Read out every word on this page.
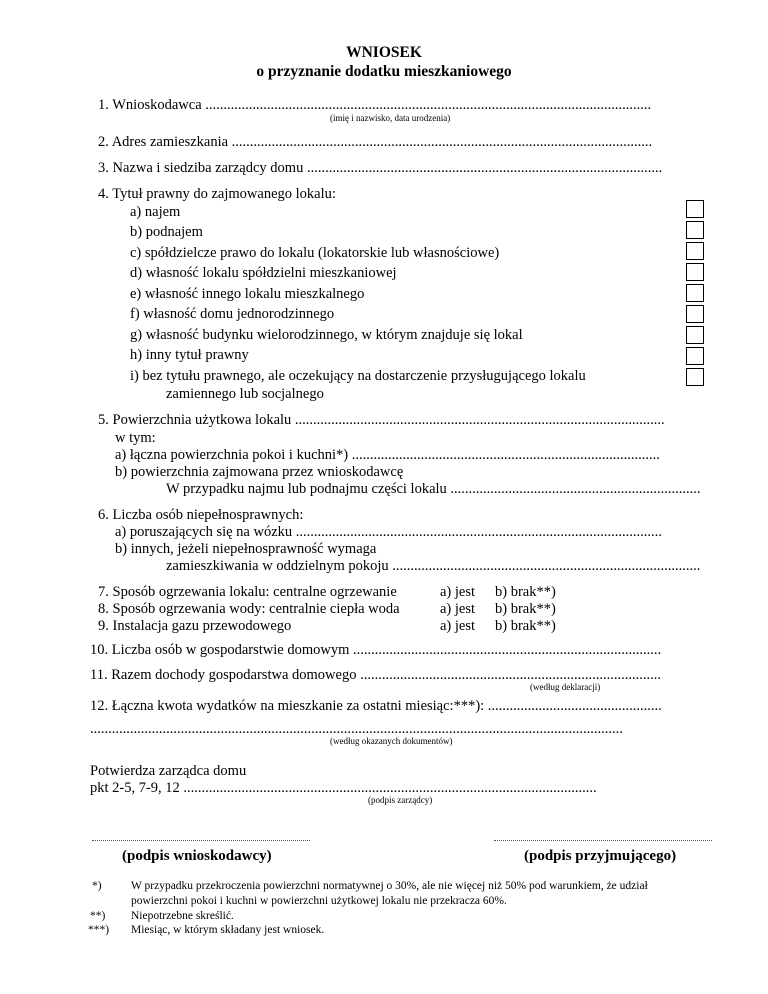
WNIOSEK
o przyznanie dodatku mieszkaniowego
1. Wnioskodawca ...........................................................................................................................
(imię i nazwisko, data urodzenia)
2. Adres zamieszkania ....................................................................................................................
3. Nazwa i siedziba zarządcy domu ..................................................................................................
4. Tytuł prawny do zajmowanego lokalu:
a) najem
b) podnajem
c) spółdzielcze prawo do lokalu (lokatorskie lub własnościowe)
d) własność lokalu spółdzielni mieszkaniowej
e) własność innego lokalu mieszkalnego
f) własność domu jednorodzinnego
g) własność budynku wielorodzinnego, w którym znajduje się lokal
h) inny tytuł prawny
i) bez tytułu prawnego, ale oczekujący na dostarczenie przysługującego lokalu
zamiennego lub socjalnego
5. Powierzchnia użytkowa lokalu ......................................................................................................
w tym:
a) łączna powierzchnia pokoi i kuchni*) .....................................................................................
b) powierzchnia zajmowana przez wnioskodawcę
W przypadku najmu lub podnajmu części lokalu .....................................................................
6. Liczba osób niepełnosprawnych:
a) poruszających się na wózku .....................................................................................................
b) innych, jeżeli niepełnosprawność wymaga
zamieszkiwania w oddzielnym pokoju .....................................................................................
7. Sposób ogrzewania lokalu: centralne ogrzewanie	a) jest b) brak**)
8. Sposób ogrzewania wody: centralnie ciepła woda	a) jest b) brak**)
9. Instalacja gazu przewodowego	a) jest b) brak**)
10. Liczba osób w gospodarstwie domowym .....................................................................................
11. Razem dochody gospodarstwa domowego ...................................................................................
(według deklaracji)
12. Łączna kwota wydatków na mieszkanie za ostatni miesiąc:***): ................................................
...................................................................................................................................................
(według okazanych dokumentów)
Potwierdza zarządca domu
pkt 2-5, 7-9, 12 ..................................................................................................................
(podpis zarządcy)
(podpis wnioskodawcy)	(podpis przyjmującego)
*)	W przypadku przekroczenia powierzchni normatywnej o 30%, ale nie więcej niż 50% pod warunkiem, że udział
powierzchni pokoi i kuchni w powierzchni użytkowej lokalu nie przekracza 60%.
**) Niepotrzebne skreślić.
***) Miesiąc, w którym składany jest wniosek.
